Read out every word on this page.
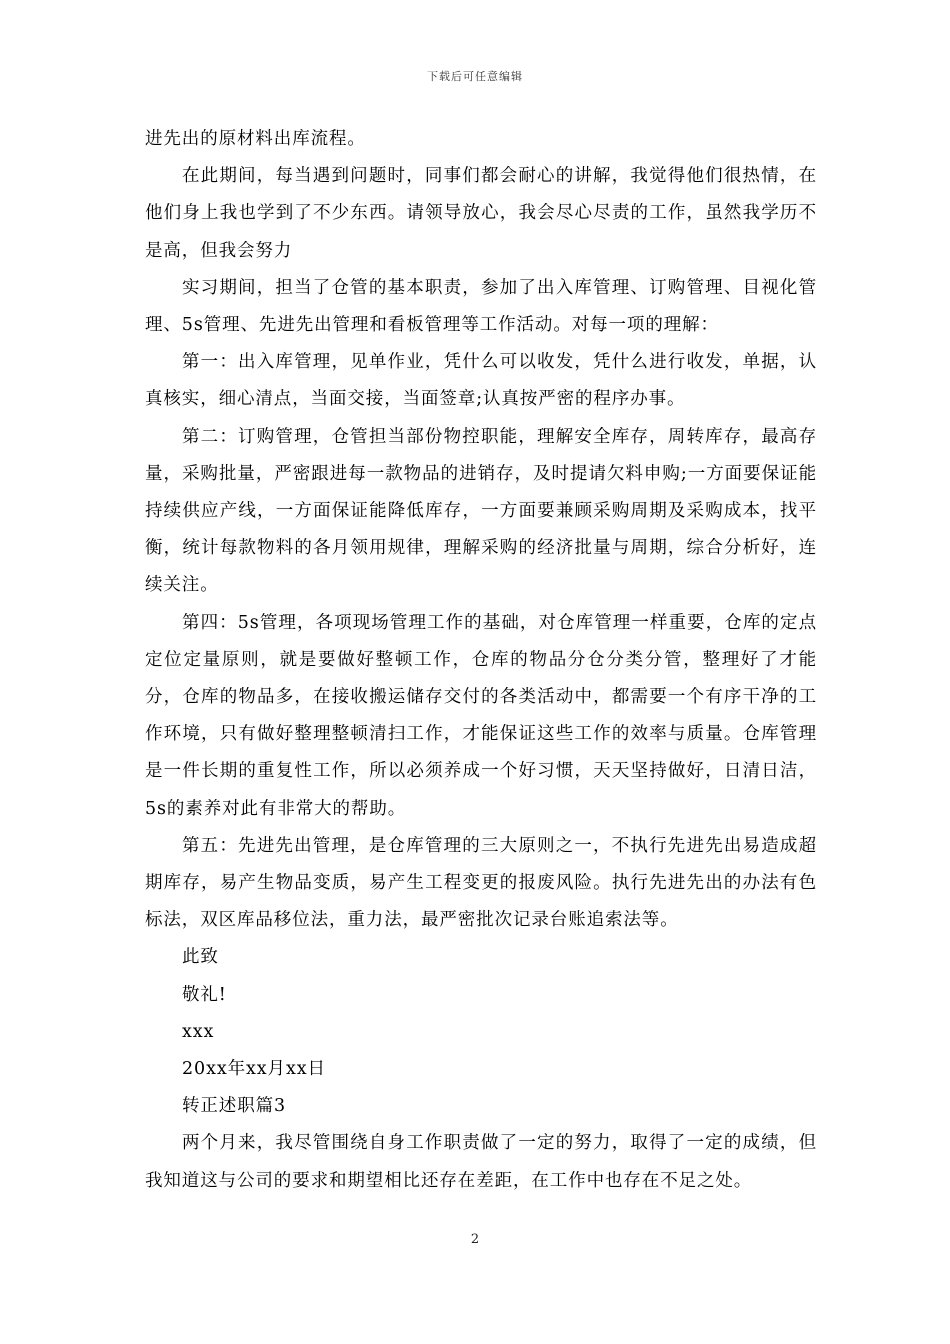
下载后可任意编辑

进先出的原材料出库流程。

在此期间，每当遇到问题时，同事们都会耐心的讲解，我觉得他们很热情，在他们身上我也学到了不少东西。请领导放心，我会尽心尽责的工作，虽然我学历不是高，但我会努力

实习期间，担当了仓管的基本职责，参加了出入库管理、订购管理、目视化管理、5s管理、先进先出管理和看板管理等工作活动。对每一项的理解：

第一：出入库管理，见单作业，凭什么可以收发，凭什么进行收发，单据，认真核实，细心清点，当面交接，当面签章;认真按严密的程序办事。

第二：订购管理，仓管担当部份物控职能，理解安全库存，周转库存，最高存量，采购批量，严密跟进每一款物品的进销存，及时提请欠料申购;一方面要保证能持续供应产线，一方面保证能降低库存，一方面要兼顾采购周期及采购成本，找平衡，统计每款物料的各月领用规律，理解采购的经济批量与周期，综合分析好，连续关注。

第四：5s管理，各项现场管理工作的基础，对仓库管理一样重要，仓库的定点定位定量原则，就是要做好整顿工作，仓库的物品分仓分类分管，整理好了才能分，仓库的物品多，在接收搬运储存交付的各类活动中，都需要一个有序干净的工作环境，只有做好整理整顿清扫工作，才能保证这些工作的效率与质量。仓库管理是一件长期的重复性工作，所以必须养成一个好习惯，天天坚持做好，日清日洁，5s的素养对此有非常大的帮助。

第五：先进先出管理，是仓库管理的三大原则之一，不执行先进先出易造成超期库存，易产生物品变质，易产生工程变更的报废风险。执行先进先出的办法有色标法，双区库品移位法，重力法，最严密批次记录台账追索法等。

此致

敬礼!

xxx

20xx年xx月xx日

转正述职篇3

两个月来，我尽管围绕自身工作职责做了一定的努力，取得了一定的成绩，但我知道这与公司的要求和期望相比还存在差距，在工作中也存在不足之处。

2
